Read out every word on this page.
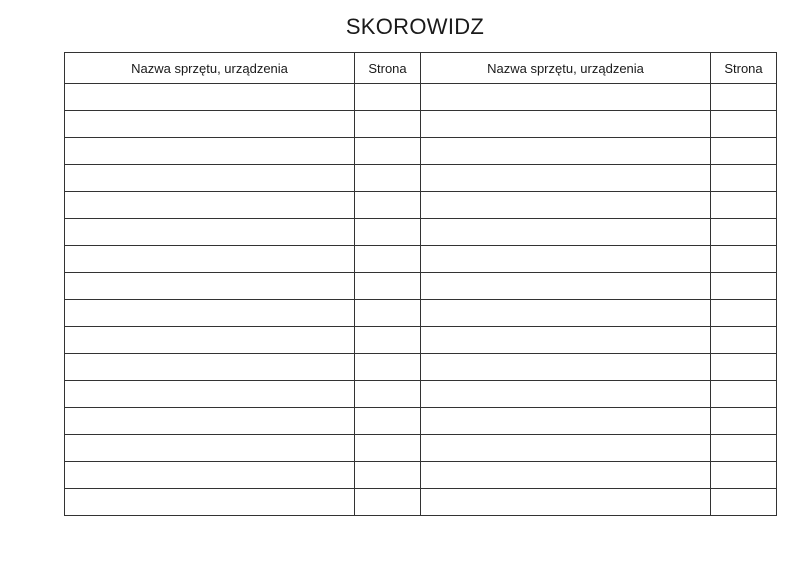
SKOROWIDZ
Nazwa sprzętu, urządzenia	Strona	Nazwa sprzętu, urządzenia	Strona
